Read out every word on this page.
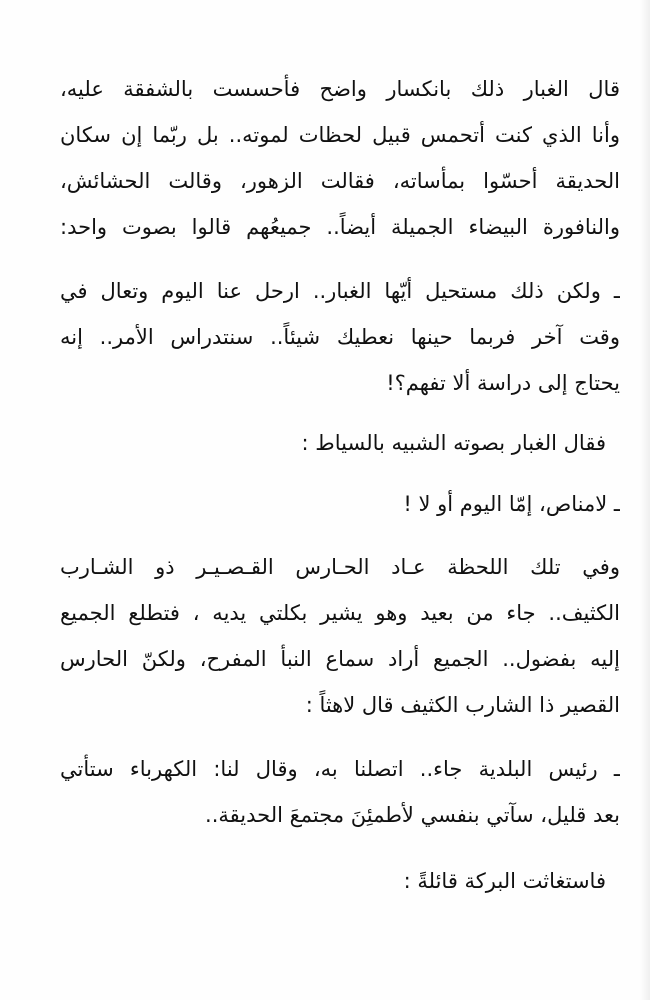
قال الغبار ذلك بانكسار واضح فأحسست بالشفقة عليه،
وأنا الذي كنت أتحمس قبيل لحظات لموته.. بل ربّما إن سكان
الحديقة أحسّوا بمأساته، فقالت الزهور، وقالت الحشائش،
والنافورة البيضاء الجميلة أيضاً.. جميعُهم قالوا بصوت واحد:
ـ ولكن ذلك مستحيل أيّها الغبار.. ارحل عنا اليوم وتعال في
وقت آخر فربما حينها نعطيك شيئاً.. سنتدراس الأمر.. إنه
يحتاج إلى دراسة ألا تفهم؟!
فقال الغبار بصوته الشبيه بالسياط :
ـ لامناص، إمّا اليوم أو لا !
وفي تلك اللحظة عـاد الحـارس القـصـيـر ذو الشـارب
الكثيف.. جاء من بعيد وهو يشير بكلتي يديه ، فتطلع الجميع
إليه بفضول.. الجميع أراد سماع النبأ المفرح، ولكنّ الحارس
القصير ذا الشارب الكثيف قال لاهثاً :
ـ رئيس البلدية جاء.. اتصلنا به، وقال لنا: الكهرباء ستأتي
بعد قليل، سآتي بنفسي لأطمئِنَ مجتمعَ الحديقة..
فاستغاثت البركة قائلةً :
